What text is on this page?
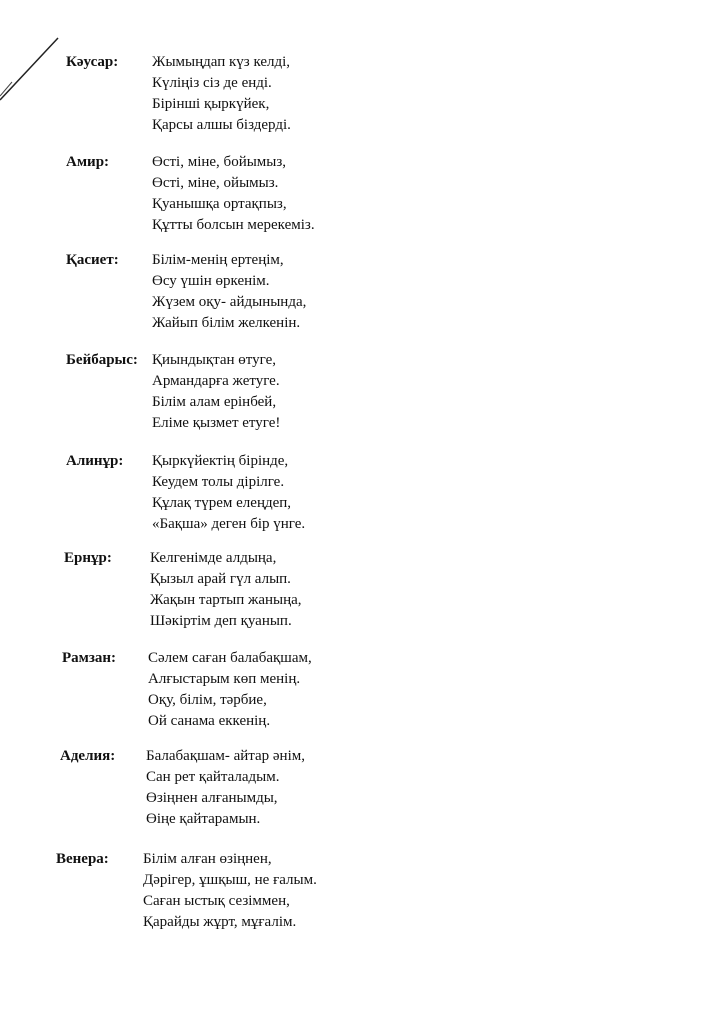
Кәусар: Жымыңдап күз келді,
Күліңіз сіз де енді.
Бірінші қыркүйек,
Қарсы алшы біздерді.
Амир:	Өсті, міне, бойымыз,
Өсті, міне, ойымыз.
Қуанышқа ортақпыз,
Құтты болсын мерекеміз.
Қасиет: Білім-менің ертеңім,
Өсу үшін өркенім.
Жүзем оқу- айдынында,
Жайып білім желкенін.
Бейбарыс: Қиындықтан өтуге,
Армандарға жетуге.
Білім алам ерінбей,
Еліме қызмет етуге!
Алинұр: Қыркүйектің бірінде,
Кеудем толы дірілге.
Құлақ түрем елеңдеп,
«Бақша» деген бір үнге.
Ернұр:	Келгенімде алдыңа,
Қызыл арай гүл алып.
Жақын тартып жаныңа,
Шәкіртім деп қуанып.
Рамзан: Сәлем саған балабақшам,
Алғыстарым көп менің.
Оқу, білім, тәрбие,
Ой санама еккенің.
Аделия: Балабақшам- айтар әнім,
Сан рет қайталадым.
Өзіңнен алғанымды,
Өіңе қайтарамын.
Венера: Білім алған өзіңнен,
Дәрігер, ұшқыш, не ғалым.
Саған ыстық сезіммен,
Қарайды жұрт, мұғалім.
